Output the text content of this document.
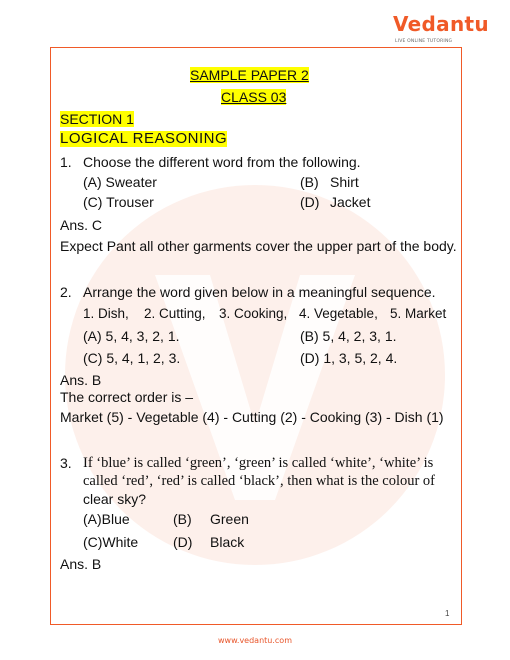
Vedantu
LIVE ONLINE TUTORING
SAMPLE PAPER 2
CLASS 03
SECTION 1
LOGICAL REASONING
1. Choose the different word from the following.
(A) Sweater	(B) Shirt
(C) Trouser	(D) Jacket
Ans. C
Expect Pant all other garments cover the upper part of the body.
2. Arrange the word given below in a meaningful sequence.
1. Dish, 2. Cutting, 3. Cooking, 4. Vegetable, 5. Market
(A) 5, 4, 3, 2, 1.	(B) 5, 4, 2, 3, 1.
(C) 5, 4, 1, 2, 3.	(D) 1, 3, 5, 2, 4.
Ans. B
The correct order is –
Market (5) - Vegetable (4) - Cutting (2) - Cooking (3) - Dish (1)
3. If ‘blue’ is called ‘green’, ‘green’ is called ‘white’, ‘white’ is
called ‘red’, ‘red’ is called ‘black’, then what is the colour of
clear sky?
(A)Blue	(B) Green
(C)White (D) Black
Ans. B
1
www.vedantu.com
